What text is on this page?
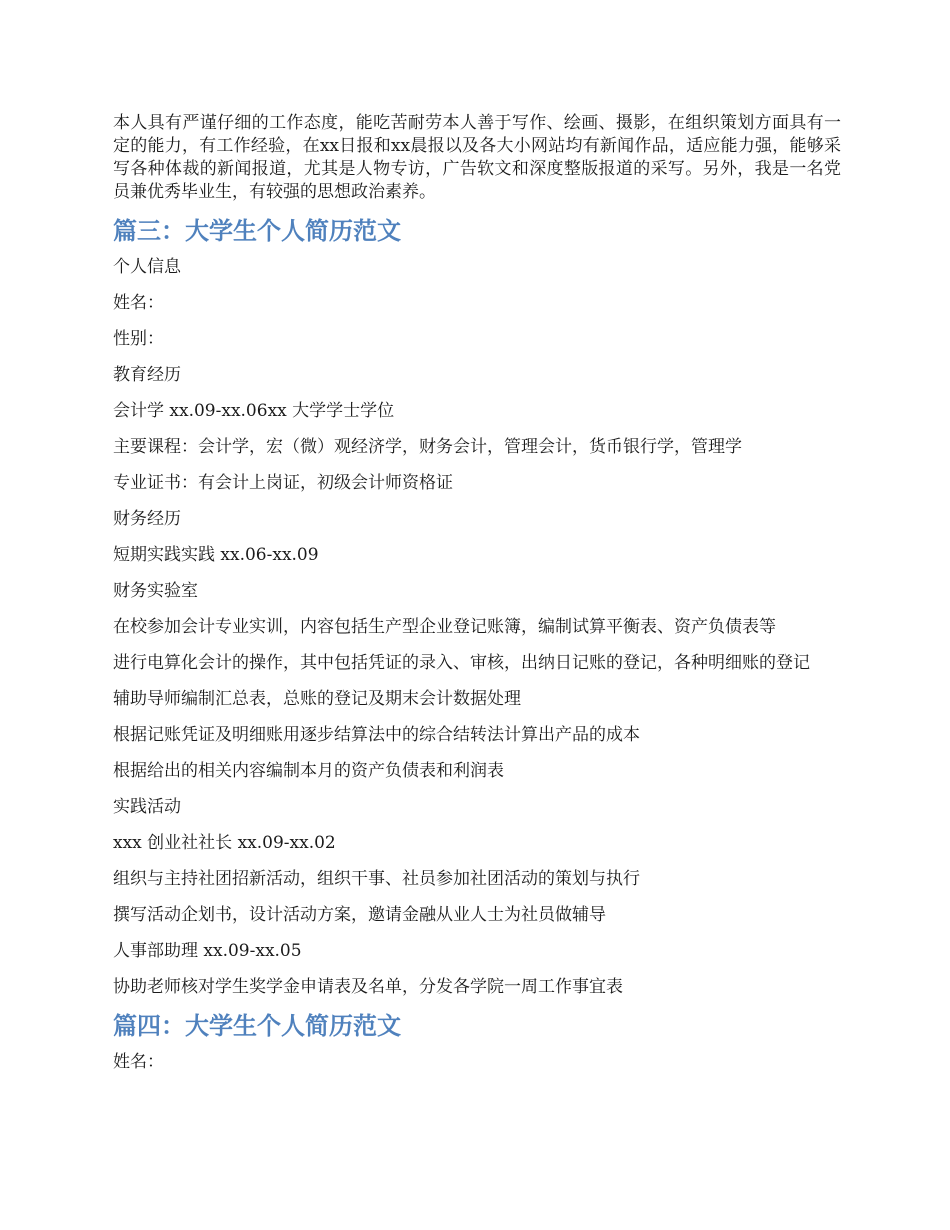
本人具有严谨仔细的工作态度，能吃苦耐劳本人善于写作、绘画、摄影，在组织策划方面具有一定的能力，有工作经验，在xx日报和xx晨报以及各大小网站均有新闻作品，适应能力强，能够采写各种体裁的新闻报道，尤其是人物专访，广告软文和深度整版报道的采写。另外，我是一名党员兼优秀毕业生，有较强的思想政治素养。

篇三：大学生个人简历范文

个人信息

姓名：

性别：

教育经历

会计学 xx.09-xx.06xx 大学学士学位

主要课程：会计学，宏（微）观经济学，财务会计，管理会计，货币银行学，管理学

专业证书：有会计上岗证，初级会计师资格证

财务经历

短期实践实践 xx.06-xx.09

财务实验室

在校参加会计专业实训，内容包括生产型企业登记账簿，编制试算平衡表、资产负债表等

进行电算化会计的操作，其中包括凭证的录入、审核，出纳日记账的登记，各种明细账的登记

辅助导师编制汇总表，总账的登记及期末会计数据处理

根据记账凭证及明细账用逐步结算法中的综合结转法计算出产品的成本

根据给出的相关内容编制本月的资产负债表和利润表

实践活动

xxx 创业社社长 xx.09-xx.02

组织与主持社团招新活动，组织干事、社员参加社团活动的策划与执行

撰写活动企划书，设计活动方案，邀请金融从业人士为社员做辅导

人事部助理 xx.09-xx.05

协助老师核对学生奖学金申请表及名单，分发各学院一周工作事宜表

篇四：大学生个人简历范文

姓名：
